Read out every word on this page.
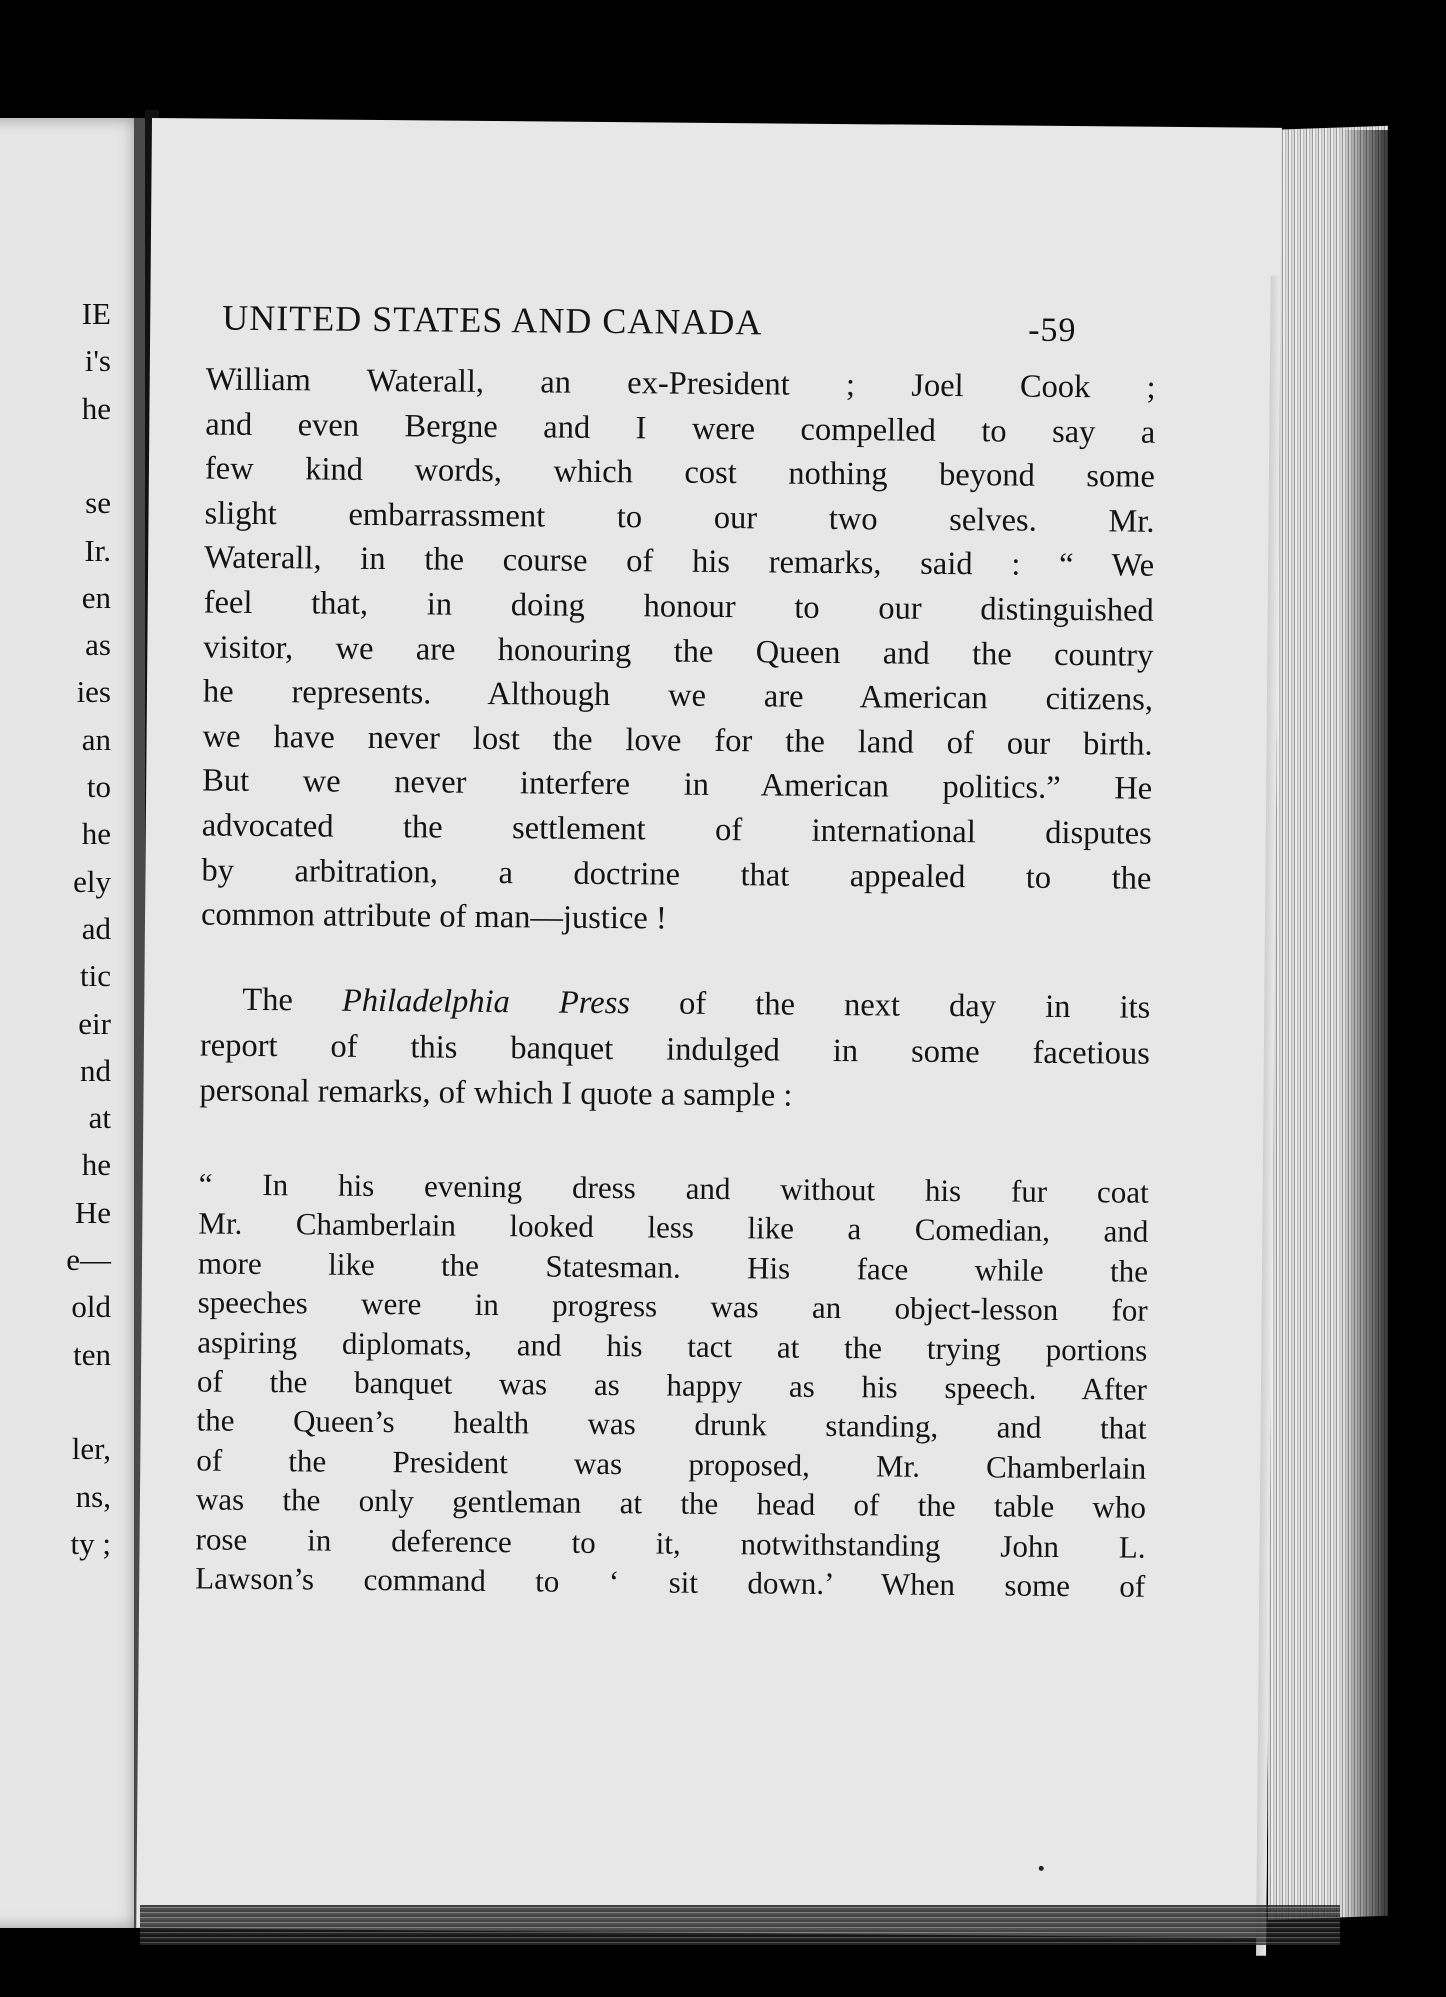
IE
i's
he
se
Ir.
en
as
ies
an
to
he
ely
ad
tic
eir
nd
at
he
He
e—
old
ten
ler,
ns,
ty ;
UNITED STATES AND CANADA	-59
William Waterall, an ex-President ; Joel Cook ;
and even Bergne and I were compelled to say a
few kind words, which cost nothing beyond some
slight embarrassment to our two selves. Mr.
Waterall, in the course of his remarks, said : “ We
feel that, in doing honour to our distinguished
visitor, we are honouring the Queen and the country
he represents. Although we are American citizens,
we have never lost the love for the land of our birth.
But we never interfere in American politics.” He
advocated the settlement of international disputes
by arbitration, a doctrine that appealed to the
common attribute of man—justice !
The Philadelphia Press of the next day in its
report of this banquet indulged in some facetious
personal remarks, of which I quote a sample :
“ In his evening dress and without his fur coat
Mr. Chamberlain looked less like a Comedian, and
more like the Statesman. His face while the
speeches were in progress was an object-lesson for
aspiring diplomats, and his tact at the trying portions
of the banquet was as happy as his speech. After
the Queen’s health was drunk standing, and that
of the President was proposed, Mr. Chamberlain
was the only gentleman at the head of the table who
rose in deference to it, notwithstanding John L.
Lawson’s command to ‘ sit down.’ When some of
